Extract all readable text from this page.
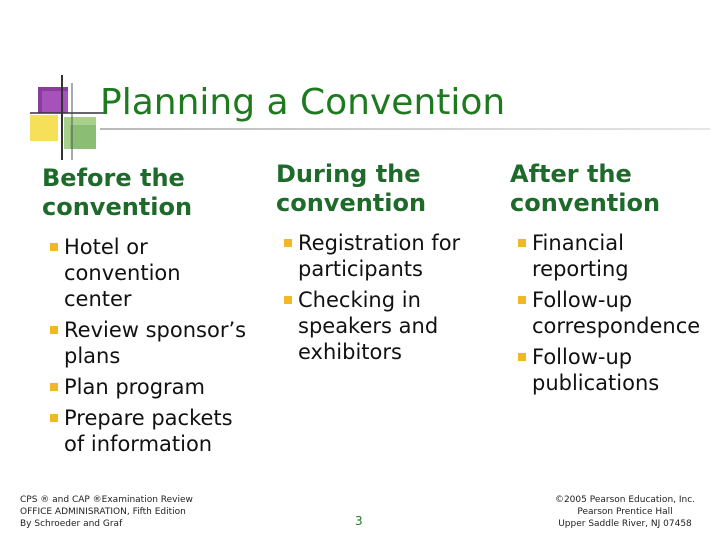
Planning a Convention
Before the
convention
Hotel or convention center
Review sponsor’s plans
Plan program
Prepare packets of information
During the
convention
Registration for participants
Checking in speakers and exhibitors
After the
convention
Financial reporting
Follow-up correspondence
Follow-up publications
CPS ® and CAP ®Examination Review
OFFICE ADMINISRATION, Fifth Edition
By Schroeder and Graf	3
©2005 Pearson Education, Inc.
Pearson Prentice Hall
Upper Saddle River, NJ 07458
